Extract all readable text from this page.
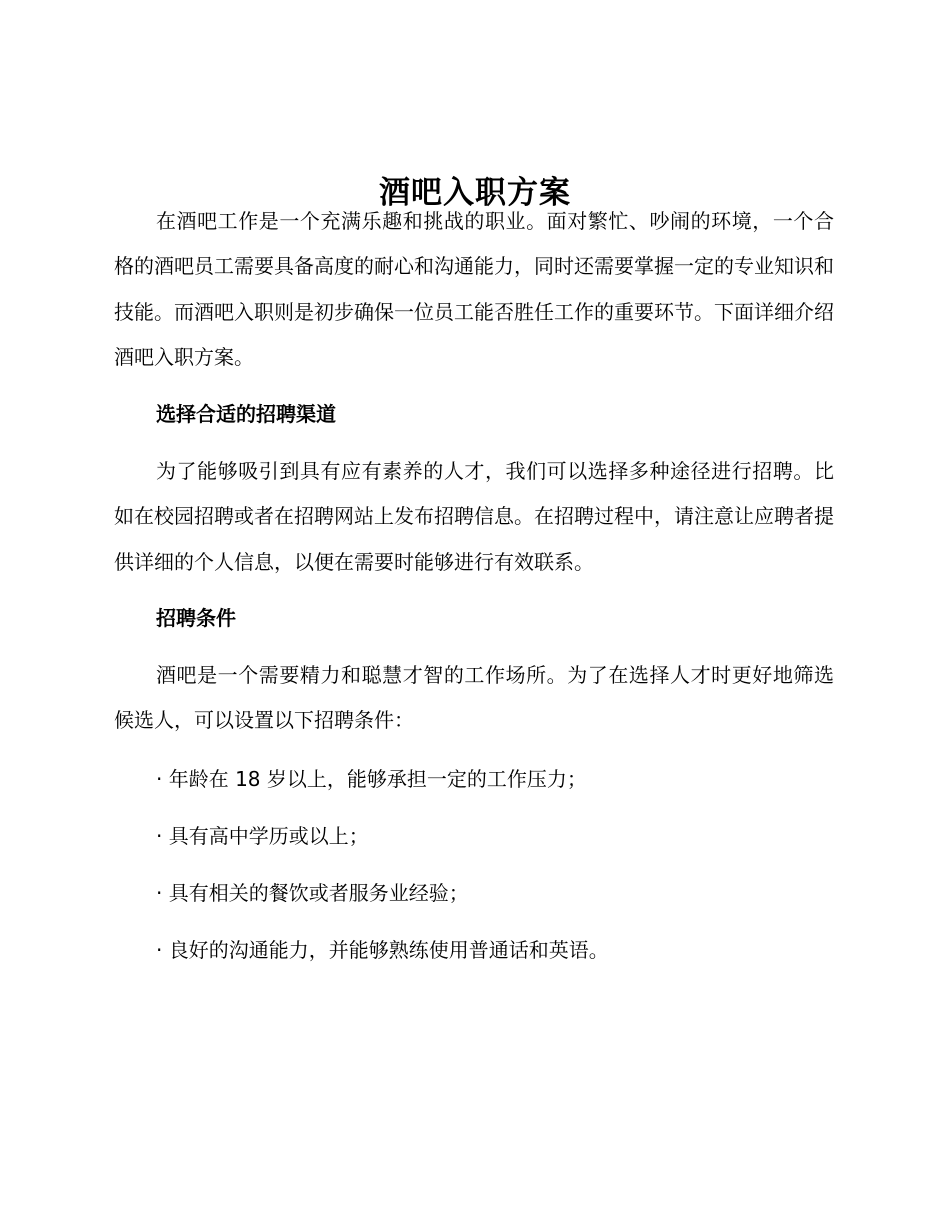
酒吧入职方案

在酒吧工作是一个充满乐趣和挑战的职业。面对繁忙、吵闹的环境，一个合格的酒吧员工需要具备高度的耐心和沟通能力，同时还需要掌握一定的专业知识和技能。而酒吧入职则是初步确保一位员工能否胜任工作的重要环节。下面详细介绍酒吧入职方案。

选择合适的招聘渠道

为了能够吸引到具有应有素养的人才，我们可以选择多种途径进行招聘。比如在校园招聘或者在招聘网站上发布招聘信息。在招聘过程中，请注意让应聘者提供详细的个人信息，以便在需要时能够进行有效联系。

招聘条件

酒吧是一个需要精力和聪慧才智的工作场所。为了在选择人才时更好地筛选候选人，可以设置以下招聘条件：

· 年龄在 18 岁以上，能够承担一定的工作压力；

· 具有高中学历或以上；

· 具有相关的餐饮或者服务业经验；

· 良好的沟通能力，并能够熟练使用普通话和英语。
